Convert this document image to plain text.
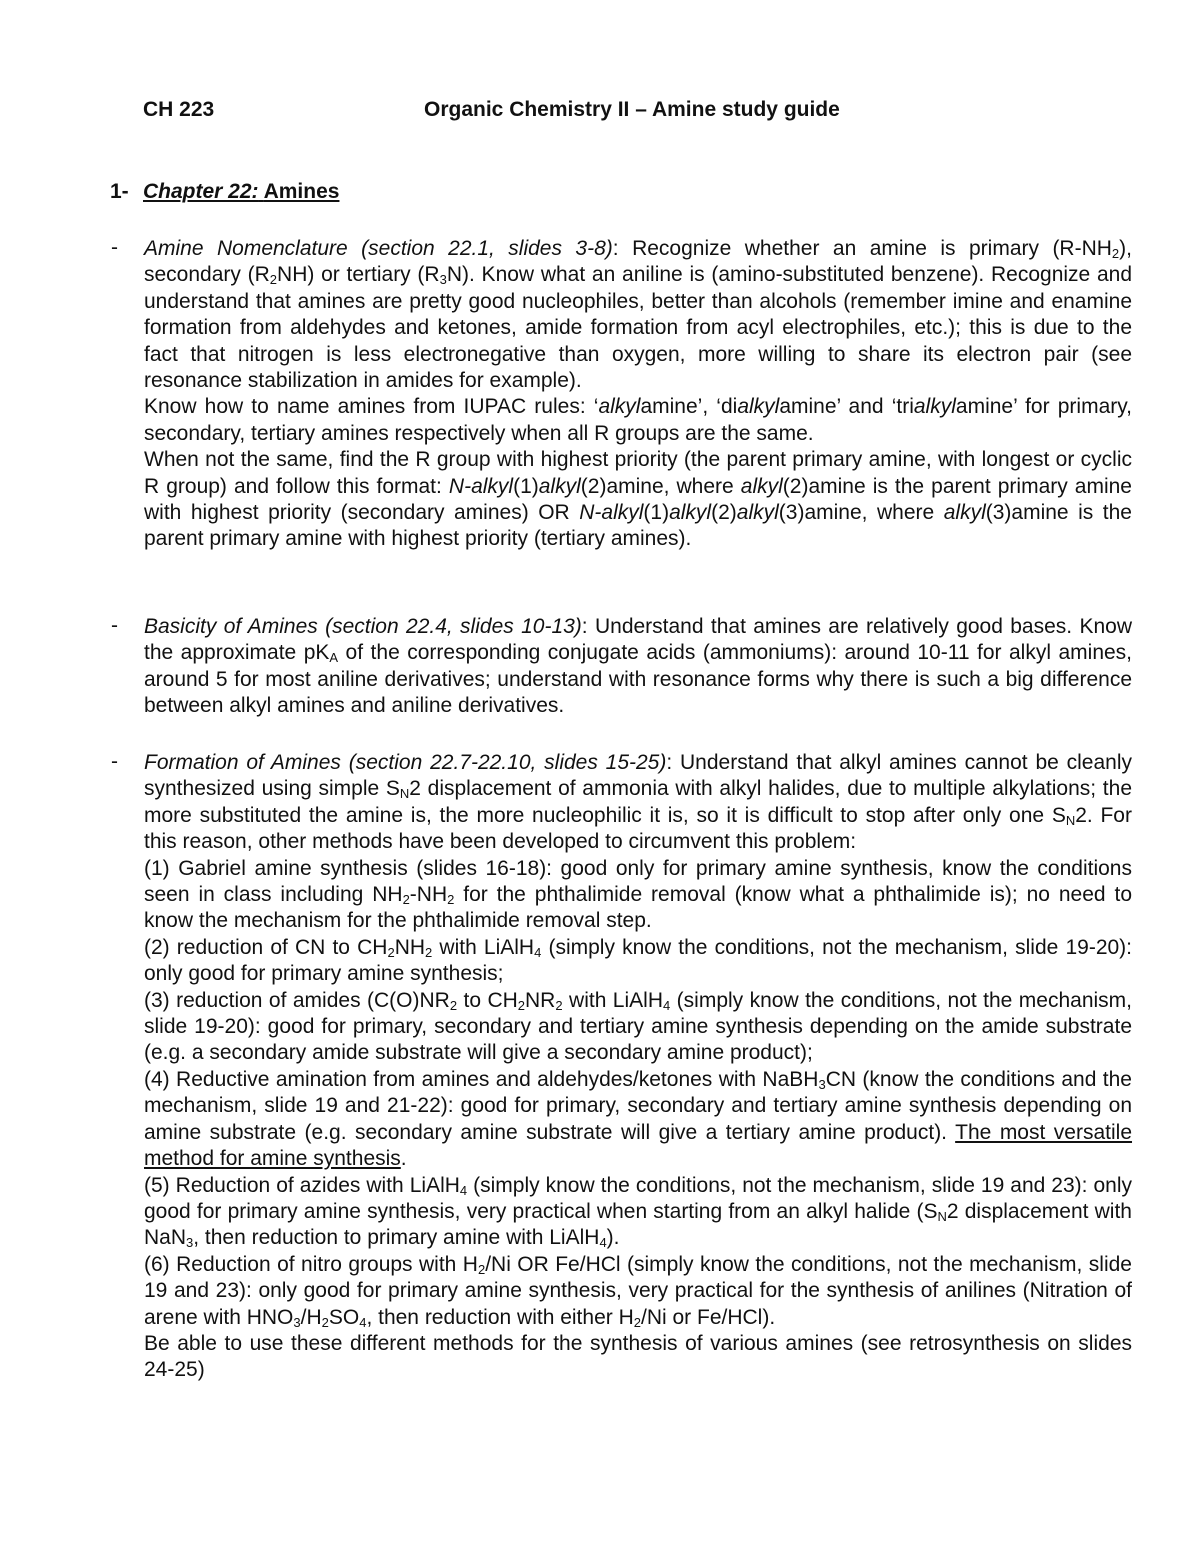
CH 223	Organic Chemistry II – Amine study guide
1- Chapter 22: Amines
- Amine Nomenclature (section 22.1, slides 3-8): Recognize whether an amine is primary $(R-NH_2)$, secondary $(R_2NH)$ or tertiary $(R_3N)$. Know what an aniline is (amino-substituted benzene). Recognize and understand that amines are pretty good nucleophiles, better than alcohols (remember imine and enamine formation from aldehydes and ketones, amide formation from acyl electrophiles, etc.); this is due to the fact that nitrogen is less electronegative than oxygen, more willing to share its electron pair (see resonance stabilization in amides for example).

Know how to name amines from IUPAC rules: ‘alkylamine’, ‘dialkylamine’ and ‘trialkylamine’ for primary, secondary, tertiary amines respectively when all R groups are the same.

When not the same, find the R group with highest priority (the parent primary amine, with longest or cyclic R group) and follow this format: N-alkyl(1)alkyl(2)amine, where alkyl(2)amine is the parent primary amine with highest priority (secondary amines) OR N-alkyl(1)alkyl(2)alkyl(3)amine, where alkyl(3)amine is the parent primary amine with highest priority (tertiary amines).

- Basicity of Amines (section 22.4, slides 10-13): Understand that amines are relatively good bases. Know the approximate $pK_A$ of the corresponding conjugate acids (ammoniums): around 10-11 for alkyl amines, around 5 for most aniline derivatives; understand with resonance forms why there is such a big difference between alkyl amines and aniline derivatives.

- Formation of Amines (section 22.7-22.10, slides 15-25): Understand that alkyl amines cannot be cleanly synthesized using simple $S_N2$ displacement of ammonia with alkyl halides, due to multiple alkylations; the more substituted the amine is, the more nucleophilic it is, so it is difficult to stop after only one $S_N2$. For this reason, other methods have been developed to circumvent this problem:

(1) Gabriel amine synthesis (slides 16-18): good only for primary amine synthesis, know the conditions seen in class including $NH_2-NH_2$ for the phthalimide removal (know what a phthalimide is); no need to know the mechanism for the phthalimide removal step.

(2) reduction of CN to $CH_2NH_2$ with LiAlH$_4$ (simply know the conditions, not the mechanism, slide 19-20): only good for primary amine synthesis;

(3) reduction of amides ($C(O)NR_2$ to $CH_2NR_2$ with LiAlH$_4$ (simply know the conditions, not the mechanism, slide 19-20): good for primary, secondary and tertiary amine synthesis depending on the amide substrate (e.g. a secondary amide substrate will give a secondary amine product);

(4) Reductive amination from amines and aldehydes/ketones with NaBH$_3$CN (know the conditions and the mechanism, slide 19 and 21-22): good for primary, secondary and tertiary amine synthesis depending on amine substrate (e.g. secondary amine substrate will give a tertiary amine product). The most versatile method for amine synthesis.

(5) Reduction of azides with LiAlH$_4$ (simply know the conditions, not the mechanism, slide 19 and 23): only good for primary amine synthesis, very practical when starting from an alkyl halide ($S_N2$ displacement with NaN$_3$, then reduction to primary amine with LiAlH$_4$).

(6) Reduction of nitro groups with $H_2/Ni$ OR Fe/HCl (simply know the conditions, not the mechanism, slide 19 and 23): only good for primary amine synthesis, very practical for the synthesis of anilines (Nitration of arene with $HNO_3/H_2SO_4$, then reduction with either $H_2/Ni$ or Fe/HCl).

Be able to use these different methods for the synthesis of various amines (see retrosynthesis on slides 24-25)
